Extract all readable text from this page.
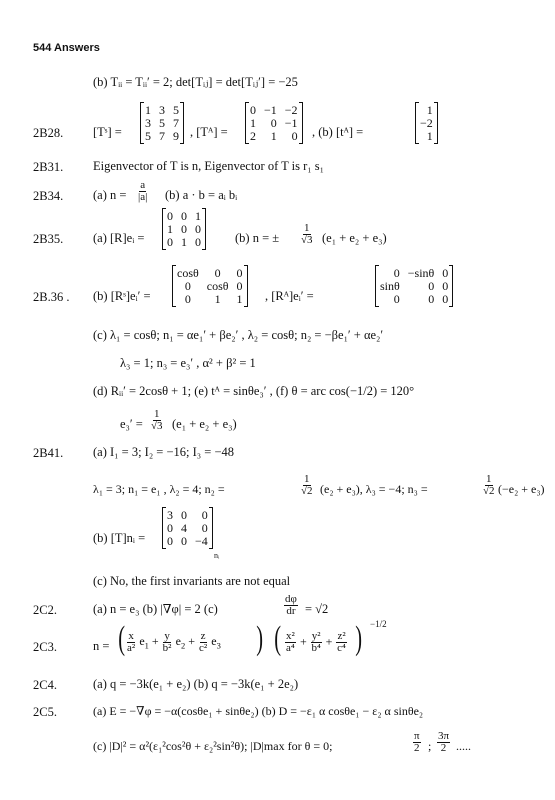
544 Answers
(b) Tᵢᵢ = Tᵢᵢ′ = 2; det[Tᵢⱼ] = det[Tᵢⱼ′] = −25
2B28. [Tˢ] =
1 3 5
3 5 7
5 7 9 , [Tᴬ] =
0 −1 −2
1	0 −1
2	1	0 , (b) [tᴬ] =
1
−2
1
2B31. Eigenvector of T is n, Eigenvector of T is r₁ s₁
2B34. (a) $n = \frac{a}{|a|} (b) a \cdot b$ = aᵢ bᵢ
2B35. (a) [R]eᵢ =
0 0 1
1 0 0
0 1 0	(b) n = ± $\frac{1}{√3} (e_1 + e_2 + e_3)$
2B.36 . (b) [Rˢ]eᵢ′ =
cosθ	0	0
0	cosθ 0
0	1	1 , [Rᴬ]eᵢ′ =
0 −sinθ 0
sinθ	0 0
0	0 0
(c) λ₁ = cosθ; n₁ = αe₁′ + βe₂′ , λ₂ = cosθ; n₂ = −βe₁′ + αe₂′
λ₃ = 1; n₃ = e₃′ , α² + β² = 1
(d) Rᵢᵢ′ = 2cosθ + 1; (e) tᴬ = sinθe₃′ , (f) θ = arc cos(−1/2) = 120°
$e_3' = \frac{1}{√3} (e_1 + e_2 + e_3)$
2B41. (a) I₁ = 3; I₂ = −16; I₃ = −48
λ₁ = 3; n₁ = e₁ , λ₂ = 4; n₂ =	$\frac{1}{√2} (e_2 + e_3)$, λ₃ = −4; n₃ =	$\frac{1}{√2} (-e_2 + e_3)$
(b) [T]nᵢ =
3 0	0
0 4	0
0 0 −4
nᵢ
(c) No, the first invariants are not equal
2C2.	(a) n = e₃ (b) |∇φ| = 2 (c)	$\frac{d\varphi}{dr} = √2$
2C3.	n = ( $\frac{x}{\text{a²}} e_1 + \frac{y}{\text{b²}} e_2 + \frac{z}{\text{c²}} e_3$ ) ( $\frac{\text{x²}}{\text{a⁴}} + \frac{\text{y²}}{\text{b⁴}} + \frac{\text{z²}}{\text{c⁴}}$ ) −1/2
2C4.	(a) q = −3k(e₁ + e₂) (b) q = −3k(e₁ + 2e₂)
2C5.	(a) E = −∇φ = −α(cosθe₁ + sinθe₂) (b) D = −ε₁ α cosθe₁ − ε₂ α sinθe₂
(c) |D|² = α²(ε₁²cos²θ + ε₂²sin²θ); |D|max for θ = 0;	$\frac{\pi}{2}$ ; $\frac{3\pi}{2}$ .....
